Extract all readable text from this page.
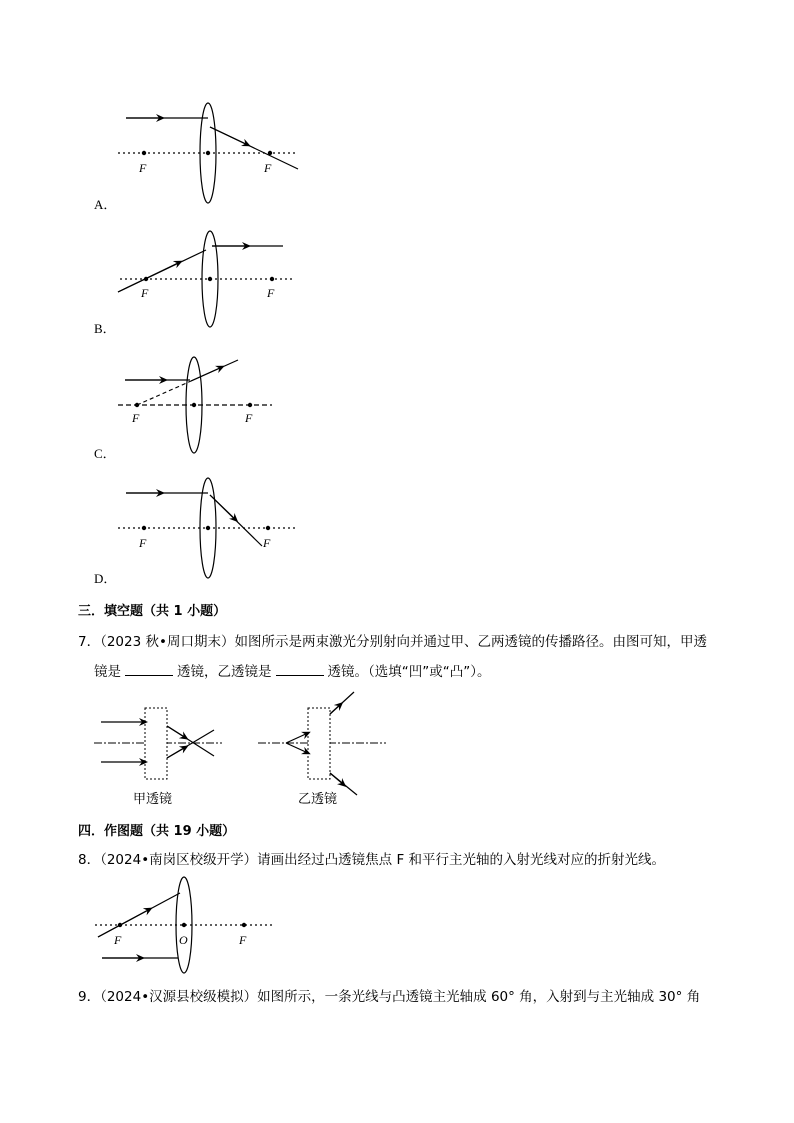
F	F
F	F
F	F
F	F
F	O	F
A．
B．
C．
D．
三．填空题（共 1 小题）
7．（2023 秋•周口期末）如图所示是两束激光分别射向并通过甲、乙两透镜的传播路径。由图可知，甲透
镜是	透镜，乙透镜是	透镜。（选填“凹”或“凸”）。
甲透镜	乙透镜
四．作图题（共 19 小题）
8．（2024•南岗区校级开学）请画出经过凸透镜焦点 F 和平行主光轴的入射光线对应的折射光线。
9．（2024•汉源县校级模拟）如图所示，一条光线与凸透镜主光轴成 60° 角，入射到与主光轴成 30° 角
